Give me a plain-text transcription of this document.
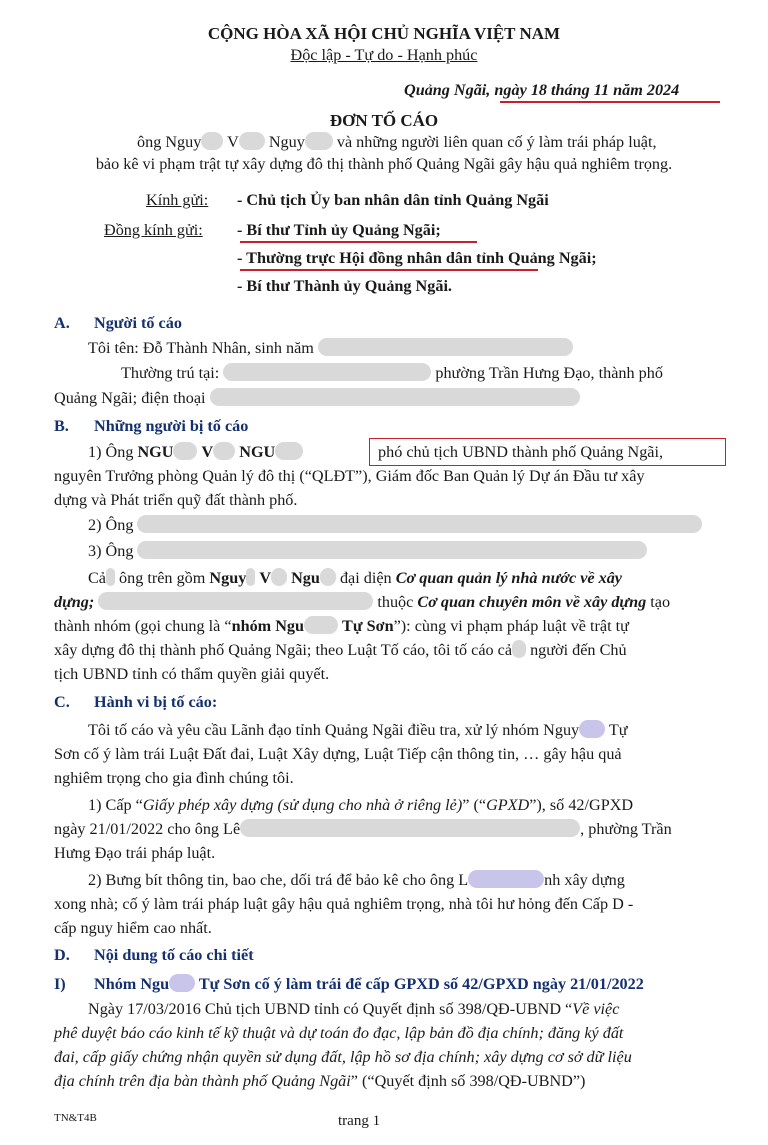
CỘNG HÒA XÃ HỘI CHỦ NGHĨA VIỆT NAM
Độc lập - Tự do - Hạnh phúc
Quảng Ngãi, ngày 18 tháng 11 năm 2024
ĐƠN TỐ CÁO
ông Nguy V Nguy và những người liên quan cố ý làm trái pháp luật,
bảo kê vi phạm trật tự xây dựng đô thị thành phố Quảng Ngãi gây hậu quả nghiêm trọng.
Kính gửi: - Chủ tịch Ủy ban nhân dân tỉnh Quảng Ngãi
Đồng kính gửi: - Bí thư Tỉnh ủy Quảng Ngãi;
- Thường trực Hội đồng nhân dân tỉnh Quảng Ngãi;
- Bí thư Thành ủy Quảng Ngãi.
A. Người tố cáo
Tôi tên: Đỗ Thành Nhân, sinh năm
Thường trú tại:	phường Trần Hưng Đạo, thành phố
Quảng Ngãi; điện thoại
B. Những người bị tố cáo
1) Ông NGU V NGU	phó chủ tịch UBND thành phố Quảng Ngãi,
nguyên Trưởng phòng Quản lý đô thị (“QLĐT”), Giám đốc Ban Quản lý Dự án Đầu tư xây
dựng và Phát triển quỹ đất thành phố.
2) Ông
3) Ông
Cả ông trên gồm Nguy V Ngu đại diện Cơ quan quản lý nhà nước về xây
dựng;	thuộc Cơ quan chuyên môn về xây dựng tạo
thành nhóm (gọi chung là “nhóm Ngu Tự Sơn”): cùng vi phạm pháp luật về trật tự
xây dựng đô thị thành phố Quảng Ngãi; theo Luật Tố cáo, tôi tố cáo cả người đến Chủ
tịch UBND tỉnh có thẩm quyền giải quyết.
C. Hành vi bị tố cáo:
Tôi tố cáo và yêu cầu Lãnh đạo tỉnh Quảng Ngãi điều tra, xử lý nhóm Nguy Tự
Sơn cố ý làm trái Luật Đất đai, Luật Xây dựng, Luật Tiếp cận thông tin, … gây hậu quả
nghiêm trọng cho gia đình chúng tôi.
1) Cấp “Giấy phép xây dựng (sử dụng cho nhà ở riêng lẻ)” (“GPXD”), số 42/GPXD
ngày 21/01/2022 cho ông Lê	, phường Trần
Hưng Đạo trái pháp luật.
2) Bưng bít thông tin, bao che, dối trá để bảo kê cho ông L	nh xây dựng
xong nhà; cố ý làm trái pháp luật gây hậu quả nghiêm trọng, nhà tôi hư hỏng đến Cấp D -
cấp nguy hiểm cao nhất.
D. Nội dung tố cáo chi tiết
I) Nhóm Ngu Tự Sơn cố ý làm trái để cấp GPXD số 42/GPXD ngày 21/01/2022
Ngày 17/03/2016 Chủ tịch UBND tỉnh có Quyết định số 398/QĐ-UBND “Về việc
phê duyệt báo cáo kinh tế kỹ thuật và dự toán đo đạc, lập bản đồ địa chính; đăng ký đất
đai, cấp giấy chứng nhận quyền sử dụng đất, lập hồ sơ địa chính; xây dựng cơ sở dữ liệu
địa chính trên địa bàn thành phố Quảng Ngãi” (“Quyết định số 398/QĐ-UBND”)
TN&T4B	trang 1
